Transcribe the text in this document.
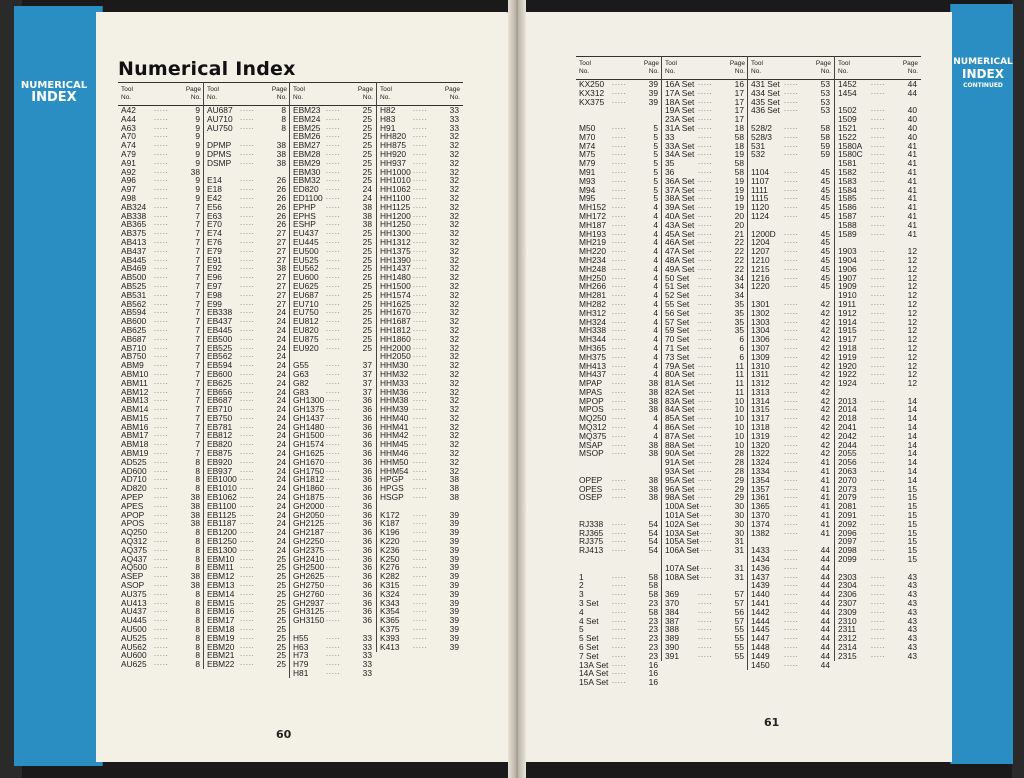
NUMERICAL
INDEX
NUMERICAL
INDEX
CONTINUED
Numerical Index
Tool
No.
Page
No.
A42	.....	9
A44	.....	9
A63	.....	9
A70	.....	9
A74	.....	9
A79	.....	9
A91	.....	9
A92	.....	38
A96	.....	9
A97	.....	9
A98	.....	9
AB324 .....	7
AB338 .....	7
AB365 .....	7
AB375 .....	7
AB413 .....	7
AB437 .....	7
AB445 .....	7
AB469 .....	7
AB500 .....	7
AB525 .....	7
AB531 .....	7
AB562 .....	7
AB594 .....	7
AB600 .....	7
AB625 .....	7
AB687 .....	7
AB710 .....	7
AB750 .....	7
ABM9 .....	7
ABM10 .....	7
ABM11 .....	7
ABM12 .....	7
ABM13 .....	7
ABM14 .....	7
ABM15 .....	7
ABM16 .....	7
ABM17 .....	7
ABM18 .....	7
ABM19 .....	7
AD525 .....	8
AD600 .....	8
AD710 .....	8
AD820 .....	8
APEP .....	38
APES .....	38
APOP .....	38
APOS .....	38
AQ250 .....	8
AQ312 .....	8
AQ375 .....	8
AQ437 .....	8
AQ500 .....	8
ASEP .....	38
ASOP .....	38
AU375 .....	8
AU413 .....	8
AU437 .....	8
AU445 .....	8
AU500 .....	8
AU525 .....	8
AU562 .....	8
AU600 .....	8
AU625 .....	8
Tool
No.
Page
No.
AU687 .....	8
AU710 .....	8
AU750 .....	8
DPMP .....	38
DPMS .....	38
DSMP .....	38
E14	.....	26
E18	.....	26
E42	.....	26
E56	.....	26
E63	.....	26
E70	.....	26
E74	.....	27
E76	.....	27
E79	.....	27
E91	.....	27
E92	.....	38
E96	.....	27
E97	.....	27
E98	.....	27
E99	.....	27
EB338 .....	24
EB437 .....	24
EB445 .....	24
EB500 .....	24
EB525 .....	24
EB562 .....	24
EB594 .....	24
EB600 .....	24
EB625 .....	24
EB656 .....	24
EB687 .....	24
EB710 .....	24
EB750 .....	24
EB781 .....	24
EB812 .....	24
EB820 .....	24
EB875 .....	24
EB920 .....	24
EB937 .....	24
EB1000 .....	24
EB1010 .....	24
EB1062 .....	24
EB1100 .....	24
EB1125 .....	24
EB1187 .....	24
EB1200 .....	24
EB1250 .....	24
EB1300 .....	24
EBM10 .....	25
EBM11 .....	25
EBM12 .....	25
EBM13 .....	25
EBM14 .....	25
EBM15 .....	25
EBM16 .....	25
EBM17 .....	25
EBM18 .....	25
EBM19 .....	25
EBM20 .....	25
EBM21 .....	25
EBM22 .....	25
Tool
No.
Page
No.
EBM23 .....	25
EBM24 .....	25
EBM25 .....	25
EBM26 .....	25
EBM27 .....	25
EBM28 .....	25
EBM29 .....	25
EBM30 .....	25
EBM32 .....	25
ED820 .....	24
ED1100 .....	24
EPHP .....	38
EPHS .....	38
ESHP .....	38
EU437 .....	25
EU445 .....	25
EU500 .....	25
EU525 .....	25
EU562 .....	25
EU600 .....	25
EU625 .....	25
EU687 .....	25
EU710 .....	25
EU750 .....	25
EU812 .....	25
EU820 .....	25
EU875 .....	25
EU920 .....	25
G55 .....	37
G63 .....	37
G82 .....	37
G83 .....	37
GH1300 .....	36
GH1375 .....	36
GH1437 .....	36
GH1480 .....	36
GH1500 .....	36
GH1574 .....	36
GH1625 .....	36
GH1670 .....	36
GH1750 .....	36
GH1812 .....	36
GH1860 .....	36
GH1875 .....	36
GH2000 .....	36
GH2050 .....	36
GH2125 .....	36
GH2187 .....	36
GH2250 .....	36
GH2375 .....	36
GH2410 .....	36
GH2500 .....	36
GH2625 .....	36
GH2750 .....	36
GH2760 .....	36
GH2937 .....	36
GH3125 .....	36
GH3150 .....	36
H55	.....	33
H63	.....	33
H73	.....	33
H79	.....	33
H81	.....	33
Tool
No.
Page
No.
H82	.....	33
H83	.....	33
H91	.....	33
HH820 .....	32
HH875 .....	32
HH920 .....	32
HH937 .....	32
HH1000 .....	32
HH1010 .....	32
HH1062 .....	32
HH1100 .....	32
HH1125 .....	32
HH1200 .....	32
HH1250 .....	32
HH1300 .....	32
HH1312 .....	32
HH1375 .....	32
HH1390 .....	32
HH1437 .....	32
HH1480 .....	32
HH1500 .....	32
HH1574 .....	32
HH1625 .....	32
HH1670 .....	32
HH1687 .....	32
HH1812 .....	32
HH1860 .....	32
HH2000 .....	32
HH2050 .....	32
HHM30 .....	32
HHM32 .....	32
HHM33 .....	32
HHM36 .....	32
HHM38 .....	32
HHM39 .....	32
HHM40 .....	32
HHM41 .....	32
HHM42 .....	32
HHM45 .....	32
HHM46 .....	32
HHM50 .....	32
HHM54 .....	32
HPGP .....	38
HPGS .....	38
HSGP .....	38
K172 .....	39
K187 .....	39
K196 .....	39
K220 .....	39
K236 .....	39
K250 .....	39
K276 .....	39
K282 .....	39
K315 .....	39
K324 .....	39
K343 .....	39
K354 .....	39
K365 .....	39
K375 .....	39
K393 .....	39
K413 .....	39
Tool
No.
Page
No.
KX250 .....	39
KX312 .....	39
KX375 .....	39
M50 .....	5
M70 .....	5
M74 .....	5
M75 .....	5
M79 .....	5
M91 .....	5
M93 .....	5
M94 .....	5
M95 .....	5
MH152 .....	4
MH172 .....	4
MH187 .....	4
MH193 .....	4
MH219 .....	4
MH220 .....	4
MH234 .....	4
MH248 .....	4
MH250 .....	4
MH266 .....	4
MH281 .....	4
MH282 .....	4
MH312 .....	4
MH324 .....	4
MH338 .....	4
MH344 .....	4
MH365 .....	4
MH375 .....	4
MH413 .....	4
MH437 .....	4
MPAP .....	38
MPAS .....	38
MPOP .....	38
MPOS .....	38
MQ250 .....	4
MQ312 .....	4
MQ375 .....	4
MSAP .....	38
MSOP .....	38
OPEP .....	38
OPES .....	38
OSEP .....	38
RJ338 .....	54
RJ365 .....	54
RJ375 .....	54
RJ413 .....	54
1	.....	58
2	.....	58
3	.....	58
3 Set .....	23
4	.....	58
4 Set .....	23
5	.....	23
5 Set .....	23
6 Set .....	23
7 Set .....	23
13A Set .....	16
14A Set .....	16
15A Set .....	16
Tool
No.
Page
No.
16A Set .....	16
17A Set .....	17
18A Set .....	17
19A Set .....	17
23A Set .....	17
31A Set .....	18
33	.....	58
33A Set .....	18
34A Set .....	19
35	.....	58
36	.....	58
36A Set .....	19
37A Set .....	19
38A Set .....	19
39A Set .....	19
40A Set .....	20
43A Set .....	20
45A Set .....	21
46A Set .....	22
47A Set .....	22
48A Set .....	22
49A Set .....	22
50 Set .....	34
51 Set .....	34
52 Set .....	34
55 Set .....	35
56 Set .....	35
57 Set .....	35
59 Set .....	35
70 Set .....	6
71 Set .....	6
73 Set .....	6
79A Set .....	11
80A Set .....	11
81A Set .....	11
82A Set .....	11
83A Set .....	10
84A Set .....	10
85A Set .....	10
86A Set .....	10
87A Set .....	10
88A Set .....	10
90A Set .....	28
91A Set .....	28
93A Set .....	28
95A Set .....	29
96A Set .....	29
98A Set .....	29
100A Set .....	30
101A Set .....	30
102A Set .....	30
103A Set .....	30
105A Set .....	31
106A Set .....	31
107A Set .....	31
108A Set .....	31
369	.....	57
370	.....	57
384	.....	56
387	.....	57
388	.....	55
389	.....	55
390	.....	55
391	.....	55
Tool
No.
Page
No.
431 Set .....	53
434 Set .....	53
435 Set .....	53
436 Set .....	53
528/2 .....	58
528/3 .....	58
531	.....	59
532	.....	59
1104 .....	45
1107 .....	45
1111 .....	45
1115 .....	45
1120 .....	45
1124 .....	45
1200D .....	45
1204 .....	45
1207 .....	45
1210 .....	45
1215 .....	45
1216 .....	45
1220 .....	45
1301 .....	42
1302 .....	42
1303 .....	42
1304 .....	42
1306 .....	42
1307 .....	42
1309 .....	42
1310 .....	42
1311 .....	42
1312 .....	42
1313 .....	42
1314 .....	42
1315 .....	42
1317 .....	42
1318 .....	42
1319 .....	42
1320 .....	42
1322 .....	42
1324 .....	41
1334 .....	41
1354 .....	41
1357 .....	41
1361 .....	41
1365 .....	41
1370 .....	41
1374 .....	41
1382 .....	41
1433 .....	44
1434 .....	44
1436 .....	44
1437 .....	44
1439 .....	44
1440 .....	44
1441 .....	44
1442 .....	44
1444 .....	44
1445 .....	44
1447 .....	44
1448 .....	44
1449 .....	44
1450 .....	44
Tool
No.
Page
No.
1452 .....	44
1454 .....	44
1502 .....	40
1509 .....	40
1521 .....	40
1522 .....	40
1580A .....	41
1580C .....	41
1581 .....	41
1582 .....	41
1583 .....	41
1584 .....	41
1585 .....	41
1586 .....	41
1587 .....	41
1588 .....	41
1589 .....	41
1903 .....	12
1904 .....	12
1906 .....	12
1907 .....	12
1909 .....	12
1910 .....	12
1911 .....	12
1912 .....	12
1914 .....	12
1915 .....	12
1917 .....	12
1918 .....	12
1919 .....	12
1920 .....	12
1922 .....	12
1924 .....	12
2013 .....	14
2014 .....	14
2018 .....	14
2041 .....	14
2042 .....	14
2044 .....	14
2055 .....	14
2056 .....	14
2063 .....	14
2070 .....	14
2073 .....	15
2079 .....	15
2081 .....	15
2091 .....	15
2092 .....	15
2096 .....	15
2097 .....	15
2098 .....	15
2099 .....	15
2303 .....	43
2304 .....	43
2306 .....	43
2307 .....	43
2309 .....	43
2310 .....	43
2311 .....	43
2312 .....	43
2314 .....	43
2315 .....	43
60
61
